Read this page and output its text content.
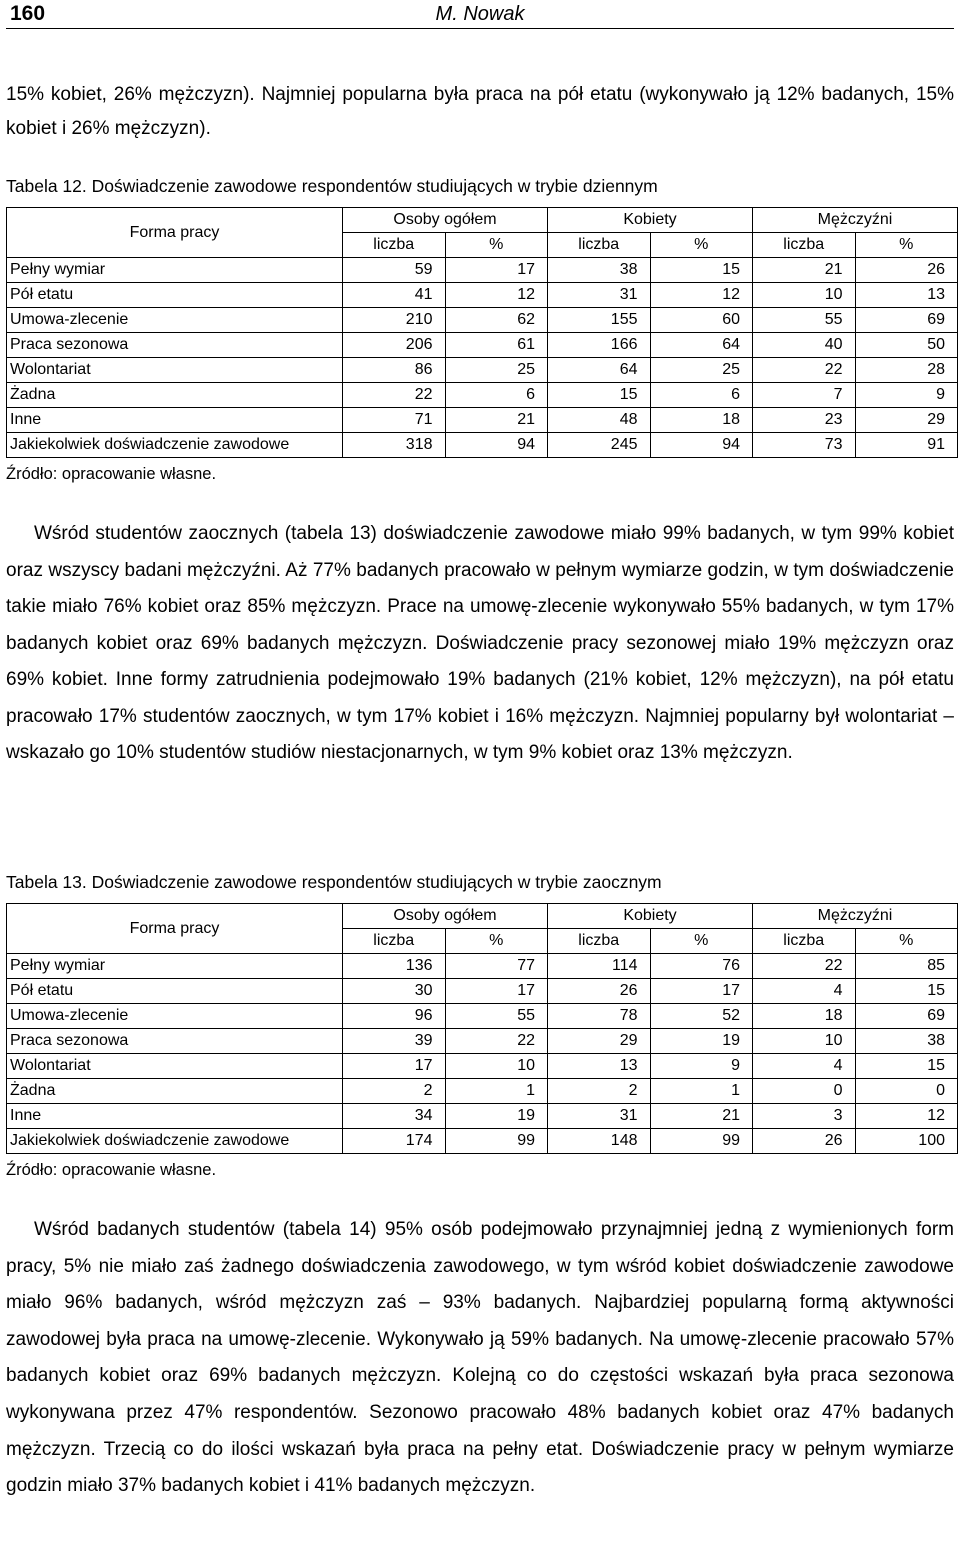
160	M. Nowak

15% kobiet, 26% mężczyzn). Najmniej popularna była praca na pół etatu (wykonywało ją 12% badanych, 15% kobiet i 26% mężczyzn).

Tabela 12. Doświadczenie zawodowe respondentów studiujących w trybie dziennym
Forma pracy	Osoby ogółem		Kobiety		Mężczyźni	
	liczba	%	liczba	%	liczba	%
Pełny wymiar	59	17	38	15	21	26
Pół etatu	41	12	31	12	10	13
Umowa-zlecenie	210	62	155	60	55	69
Praca sezonowa	206	61	166	64	40	50
Wolontariat	86	25	64	25	22	28
Żadna	22	6	15	6	7	9
Inne	71	21	48	18	23	29
Jakiekolwiek doświadczenie zawodowe	318	94	245	94	73	91
Źródło: opracowanie własne.

Wśród studentów zaocznych (tabela 13) doświadczenie zawodowe miało 99% badanych, w tym 99% kobiet oraz wszyscy badani mężczyźni. Aż 77% badanych pracowało w pełnym wymiarze godzin, w tym doświadczenie takie miało 76% kobiet oraz 85% mężczyzn. Prace na umowę-zlecenie wykonywało 55% badanych, w tym 17% badanych kobiet oraz 69% badanych mężczyzn. Doświadczenie pracy sezonowej miało 19% mężczyzn oraz 69% kobiet. Inne formy zatrudnienia podejmowało 19% badanych (21% kobiet, 12% mężczyzn), na pół etatu pracowało 17% studentów zaocznych, w tym 17% kobiet i 16% mężczyzn. Najmniej popularny był wolontariat – wskazało go 10% studentów studiów niestacjonarnych, w tym 9% kobiet oraz 13% mężczyzn.

Tabela 13. Doświadczenie zawodowe respondentów studiujących w trybie zaocznym
Forma pracy	Osoby ogółem		Kobiety		Mężczyźni	
	liczba	%	liczba	%	liczba	%
Pełny wymiar	136	77	114	76	22	85
Pół etatu	30	17	26	17	4	15
Umowa-zlecenie	96	55	78	52	18	69
Praca sezonowa	39	22	29	19	10	38
Wolontariat	17	10	13	9	4	15
Żadna	2	1	2	1	0	0
Inne	34	19	31	21	3	12
Jakiekolwiek doświadczenie zawodowe	174	99	148	99	26	100
Źródło: opracowanie własne.

Wśród badanych studentów (tabela 14) 95% osób podejmowało przynajmniej jedną z wymienionych form pracy, 5% nie miało zaś żadnego doświadczenia zawodowego, w tym wśród kobiet doświadczenie zawodowe miało 96% badanych, wśród mężczyzn zaś – 93% badanych. Najbardziej popularną formą aktywności zawodowej była praca na umowę-zlecenie. Wykonywało ją 59% badanych. Na umowę-zlecenie pracowało 57% badanych kobiet oraz 69% badanych mężczyzn. Kolejną co do częstości wskazań była praca sezonowa wykonywana przez 47% respondentów. Sezonowo pracowało 48% badanych kobiet oraz 47% badanych mężczyzn. Trzecią co do ilości wskazań była praca na pełny etat. Doświadczenie pracy w pełnym wymiarze godzin miało 37% badanych kobiet i 41% badanych mężczyzn.
